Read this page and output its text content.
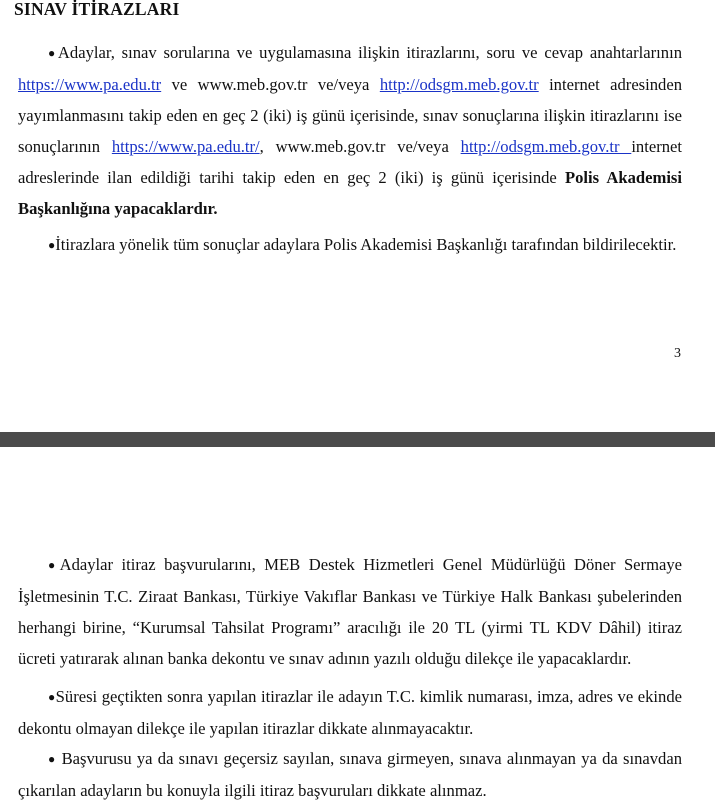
SINAV İTİRAZLARI

●Adaylar, sınav sorularına ve uygulamasına ilişkin itirazlarını, soru ve cevap anahtarlarının https://www.pa.edu.tr ve www.meb.gov.tr ve/veya http://odsgm.meb.gov.tr internet adresinden yayımlanmasını takip eden en geç 2 (iki) iş günü içerisinde, sınav sonuçlarına ilişkin itirazlarını ise sonuçlarının https://www.pa.edu.tr/, www.meb.gov.tr ve/veya http://odsgm.meb.gov.tr internet adreslerinde ilan edildiği tarihi takip eden en geç 2 (iki) iş günü içerisinde Polis Akademisi Başkanlığına yapacaklardır.

●İtirazlara yönelik tüm sonuçlar adaylara Polis Akademisi Başkanlığı tarafından bildirilecektir.

3

●Adaylar itiraz başvurularını, MEB Destek Hizmetleri Genel Müdürlüğü Döner Sermaye İşletmesinin T.C. Ziraat Bankası, Türkiye Vakıflar Bankası ve Türkiye Halk Bankası şubelerinden herhangi birine, “Kurumsal Tahsilat Programı” aracılığı ile 20 TL (yirmi TL KDV Dâhil) itiraz ücreti yatırarak alınan banka dekontu ve sınav adının yazılı olduğu dilekçe ile yapacaklardır.

●Süresi geçtikten sonra yapılan itirazlar ile adayın T.C. kimlik numarası, imza, adres ve ekinde dekontu olmayan dilekçe ile yapılan itirazlar dikkate alınmayacaktır.

● Başvurusu ya da sınavı geçersiz sayılan, sınava girmeyen, sınava alınmayan ya da sınavdan çıkarılan adayların bu konuyla ilgili itiraz başvuruları dikkate alınmaz.
